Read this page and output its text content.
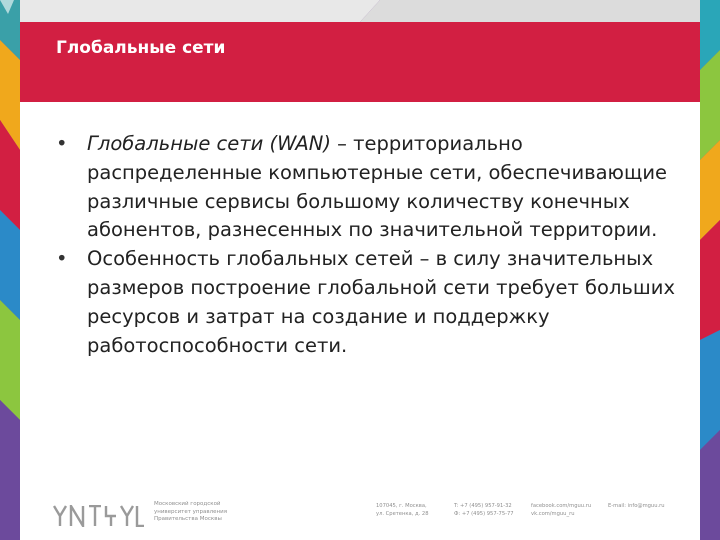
Глобальные сети

• Глобальные сети (WAN) – территориально распределенные компьютерные сети, обеспечивающие различные сервисы большому количеству конечных абонентов, разнесенных по значительной территории.

• Особенность глобальных сетей – в силу значительных размеров построение глобальной сети требует больших ресурсов и затрат на создание и поддержку работоспособности сети.

Московский городской
университет управления
Правительства Москвы
107045, г. Москва,
ул. Сретенка, д. 28
T: +7 (495) 957-91-32
Ф: +7 (495) 957-75-77
facebook.com/mguu.ru
vk.com/mguu_ru
E-mail: info@mguu.ru
